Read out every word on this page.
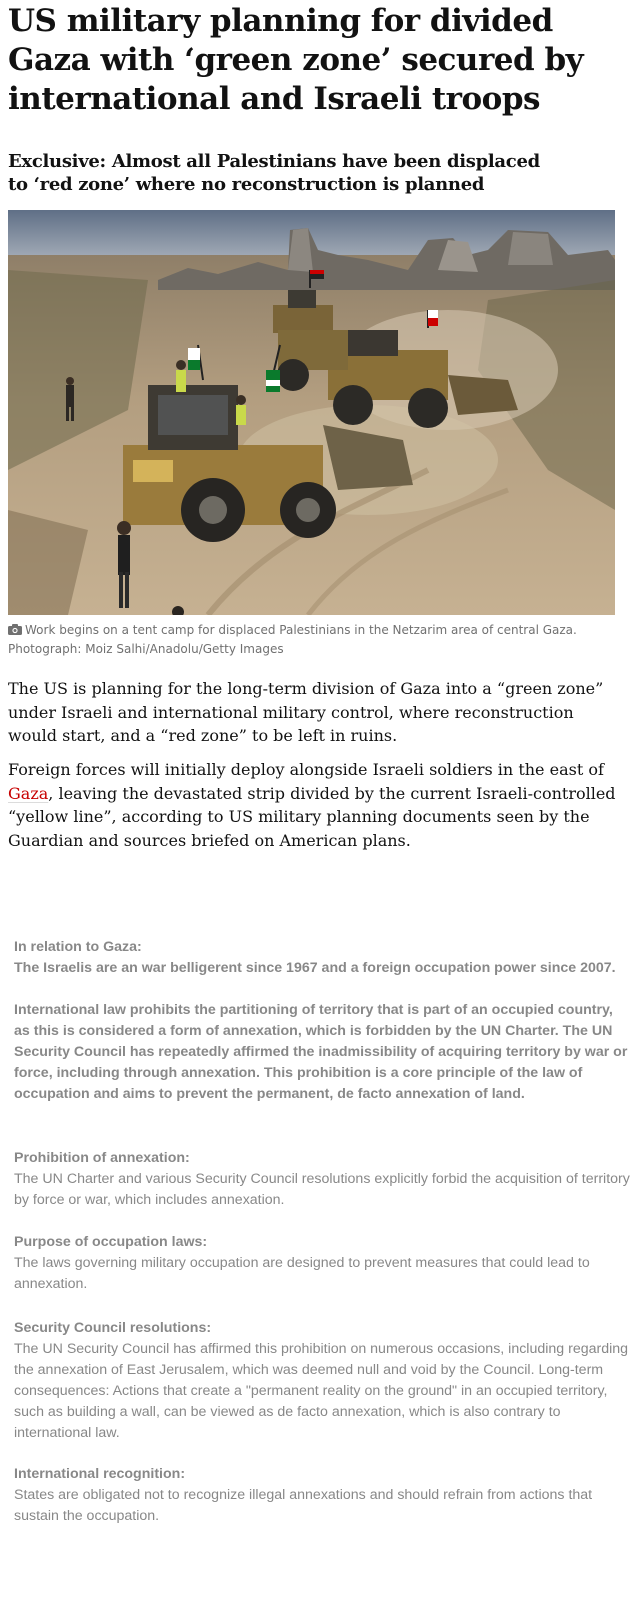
US military planning for divided Gaza with ‘green zone’ secured by international and Israeli troops
Exclusive: Almost all Palestinians have been displaced to ‘red zone’ where no reconstruction is planned
Work begins on a tent camp for displaced Palestinians in the Netzarim area of central Gaza. Photograph: Moiz Salhi/Anadolu/Getty Images

The US is planning for the long-term division of Gaza into a “green zone” under Israeli and international military control, where reconstruction would start, and a “red zone” to be left in ruins.

Foreign forces will initially deploy alongside Israeli soldiers in the east of Gaza, leaving the devastated strip divided by the current Israeli-controlled “yellow line”, according to US military planning documents seen by the Guardian and sources briefed on American plans.

In relation to Gaza:
The Israelis are an war belligerent since 1967 and a foreign occupation power since 2007.
International law prohibits the partitioning of territory that is part of an occupied country, as this is considered a form of annexation, which is forbidden by the UN Charter. The UN Security Council has repeatedly affirmed the inadmissibility of acquiring territory by war or force, including through annexation. This prohibition is a core principle of the law of occupation and aims to prevent the permanent, de facto annexation of land.
Prohibition of annexation:
The UN Charter and various Security Council resolutions explicitly forbid the acquisition of territory by force or war, which includes annexation.
Purpose of occupation laws:
The laws governing military occupation are designed to prevent measures that could lead to annexation.
Security Council resolutions:
The UN Security Council has affirmed this prohibition on numerous occasions, including regarding the annexation of East Jerusalem, which was deemed null and void by the Council. Long-term consequences: Actions that create a "permanent reality on the ground" in an occupied territory, such as building a wall, can be viewed as de facto annexation, which is also contrary to international law.
International recognition:
States are obligated not to recognize illegal annexations and should refrain from actions that sustain the occupation.
